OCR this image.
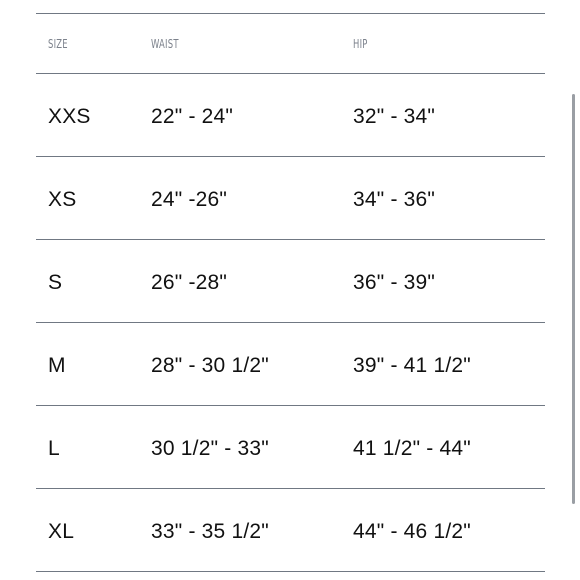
SIZE	WAIST	HIP
XXS	22" - 24"	32" - 34"
XS	24" -26"	34" - 36"
S	26" -28"	36" - 39"
M	28" - 30 1/2"	39" - 41 1/2"
L	30 1/2" - 33"	41 1/2" - 44"
XL	33" - 35 1/2"	44" - 46 1/2"
